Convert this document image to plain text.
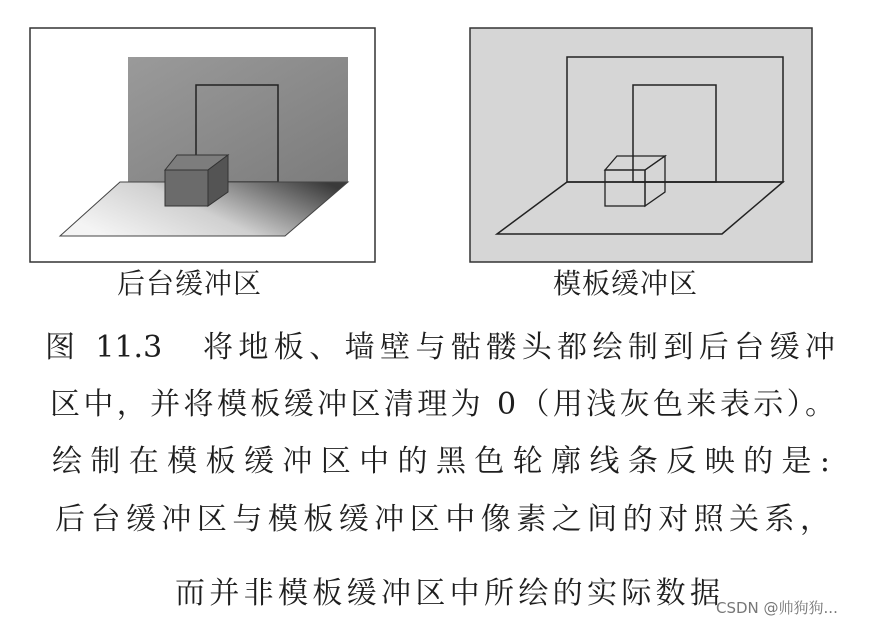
后台缓冲区	模板缓冲区
图 11.3　将地板、墙壁与骷髅头都绘制到后台缓冲
区中，并将模板缓冲区清理为 0（用浅灰色来表示）。
绘制在模板缓冲区中的黑色轮廓线条反映的是:
后台缓冲区与模板缓冲区中像素之间的对照关系，
而并非模板缓冲区中所绘的实际数据
CSDN @帅狗狗...
